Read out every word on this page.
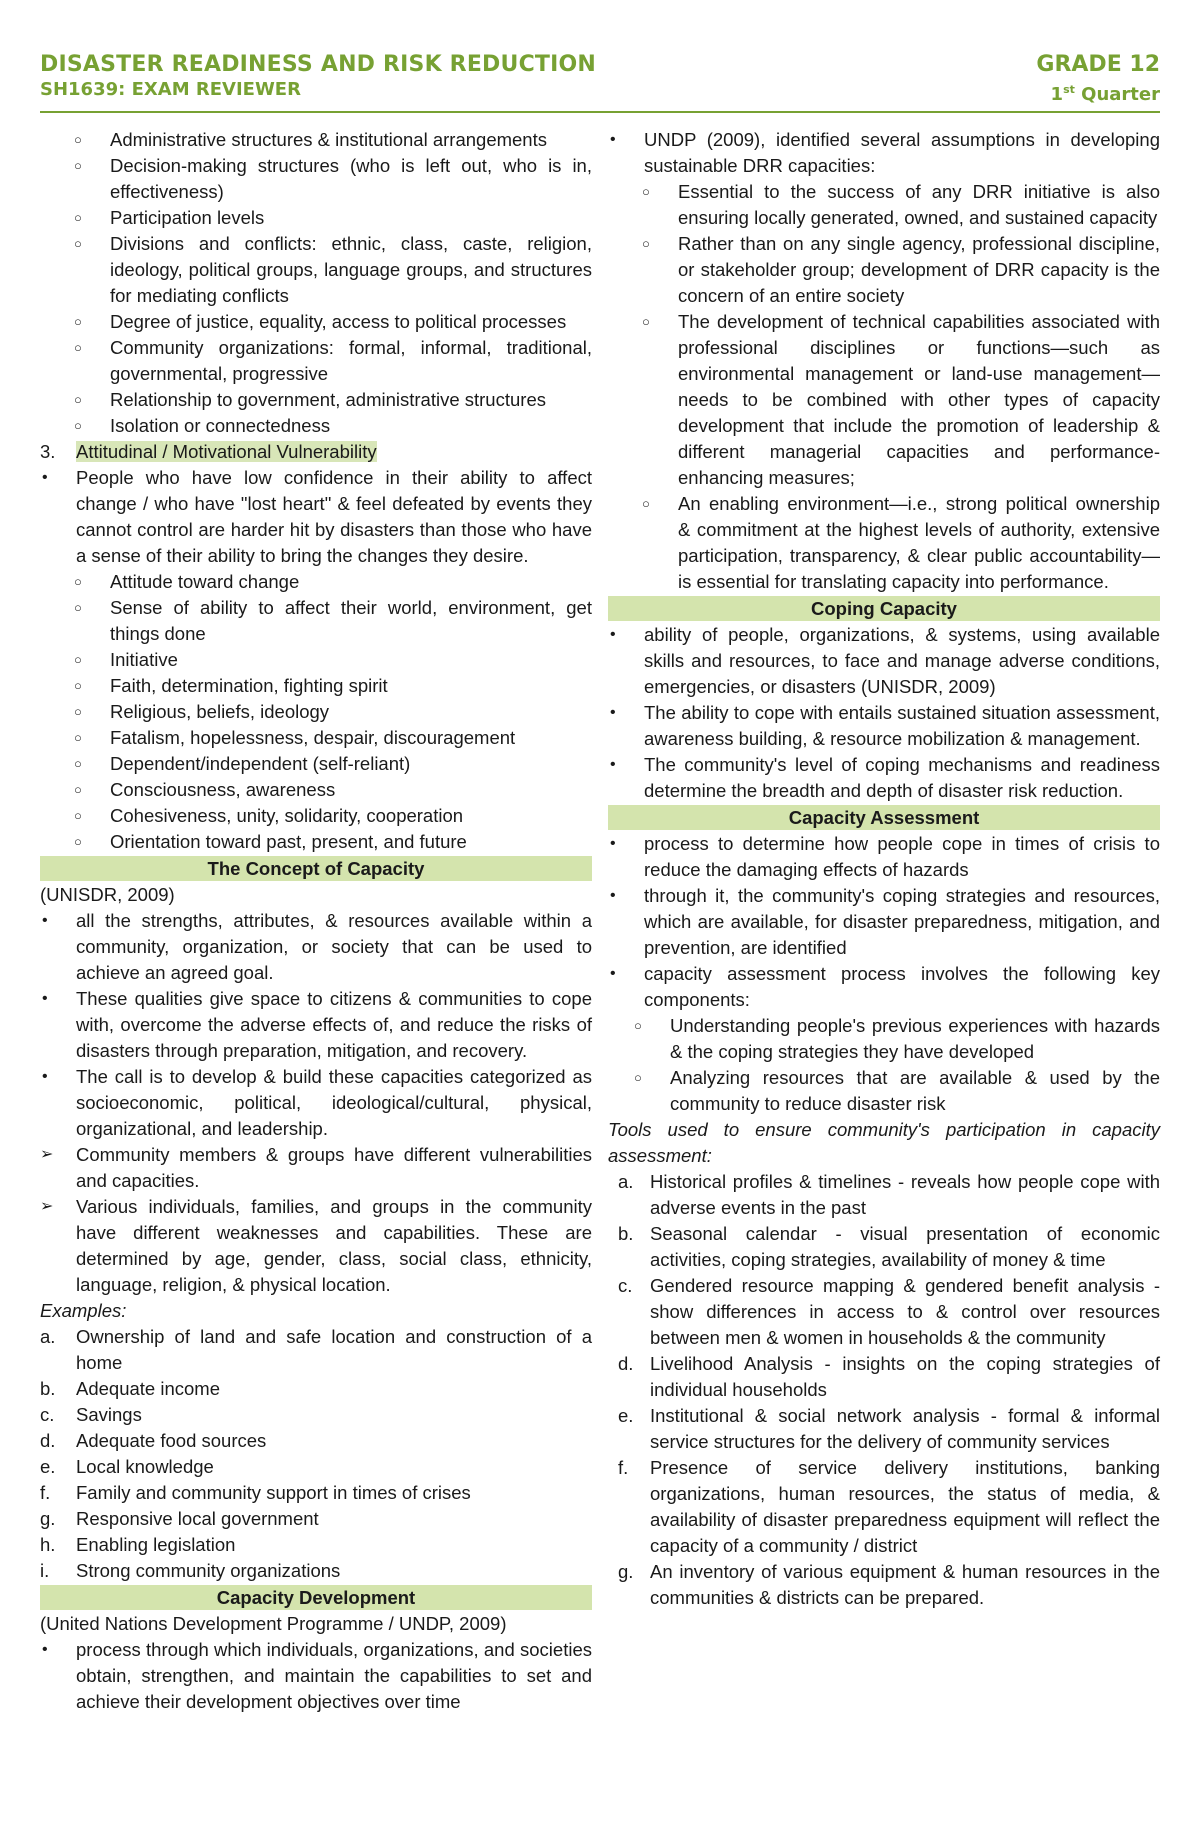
DISASTER READINESS AND RISK REDUCTION
SH1639: EXAM REVIEWER
GRADE 12
1st Quarter
○	Administrative structures & institutional arrangements
○	Decision-making structures (who is left out, who is in, effectiveness)
○	Participation levels
○	Divisions and conflicts: ethnic, class, caste, religion, ideology, political groups, language groups, and structures for mediating conflicts
○	Degree of justice, equality, access to political processes
○	Community organizations: formal, informal, traditional, governmental, progressive
○	Relationship to government, administrative structures
○	Isolation or connectedness
3.	Attitudinal / Motivational Vulnerability
•	People who have low confidence in their ability to affect change / who have "lost heart" & feel defeated by events they cannot control are harder hit by disasters than those who have a sense of their ability to bring the changes they desire.
○	Attitude toward change
○	Sense of ability to affect their world, environment, get things done
○	Initiative
○	Faith, determination, fighting spirit
○	Religious, beliefs, ideology
○	Fatalism, hopelessness, despair, discouragement
○	Dependent/independent (self-reliant)
○	Consciousness, awareness
○	Cohesiveness, unity, solidarity, cooperation
○	Orientation toward past, present, and future
The Concept of Capacity
(UNISDR, 2009)
•	all the strengths, attributes, & resources available within a community, organization, or society that can be used to achieve an agreed goal.
•	These qualities give space to citizens & communities to cope with, overcome the adverse effects of, and reduce the risks of disasters through preparation, mitigation, and recovery.
•	The call is to develop & build these capacities categorized as socioeconomic, political, ideological/cultural, physical, organizational, and leadership.
➢	Community members & groups have different vulnerabilities and capacities.
➢	Various individuals, families, and groups in the community have different weaknesses and capabilities. These are determined by age, gender, class, social class, ethnicity, language, religion, & physical location.
Examples:
a.	Ownership of land and safe location and construction of a home
b.	Adequate income
c.	Savings
d.	Adequate food sources
e.	Local knowledge
f.	Family and community support in times of crises
g.	Responsive local government
h.	Enabling legislation
i.	Strong community organizations
Capacity Development
(United Nations Development Programme / UNDP, 2009)
•	process through which individuals, organizations, and societies obtain, strengthen, and maintain the capabilities to set and achieve their development objectives over time
•	UNDP (2009), identified several assumptions in developing sustainable DRR capacities:
○	Essential to the success of any DRR initiative is also ensuring locally generated, owned, and sustained capacity
○	Rather than on any single agency, professional discipline, or stakeholder group; development of DRR capacity is the concern of an entire society
○	The development of technical capabilities associated with professional disciplines or functions—such as environmental management or land-use management—needs to be combined with other types of capacity development that include the promotion of leadership & different managerial capacities and performance-enhancing measures;
○	An enabling environment—i.e., strong political ownership & commitment at the highest levels of authority, extensive participation, transparency, & clear public accountability—is essential for translating capacity into performance.
Coping Capacity
•	ability of people, organizations, & systems, using available skills and resources, to face and manage adverse conditions, emergencies, or disasters (UNISDR, 2009)
•	The ability to cope with entails sustained situation assessment, awareness building, & resource mobilization & management.
•	The community's level of coping mechanisms and readiness determine the breadth and depth of disaster risk reduction.
Capacity Assessment
•	process to determine how people cope in times of crisis to reduce the damaging effects of hazards
•	through it, the community's coping strategies and resources, which are available, for disaster preparedness, mitigation, and prevention, are identified
•	capacity assessment process involves the following key components:
○	Understanding people's previous experiences with hazards & the coping strategies they have developed
○	Analyzing resources that are available & used by the community to reduce disaster risk
Tools used to ensure community's participation in capacity assessment:
a. Historical profiles & timelines - reveals how people cope with adverse events in the past
b. Seasonal calendar - visual presentation of economic activities, coping strategies, availability of money & time
c. Gendered resource mapping & gendered benefit analysis - show differences in access to & control over resources between men & women in households & the community
d. Livelihood Analysis - insights on the coping strategies of individual households
e. Institutional & social network analysis - formal & informal service structures for the delivery of community services
f.	Presence of service delivery institutions, banking organizations, human resources, the status of media, & availability of disaster preparedness equipment will reflect the capacity of a community / district
g. An inventory of various equipment & human resources in the communities & districts can be prepared.
